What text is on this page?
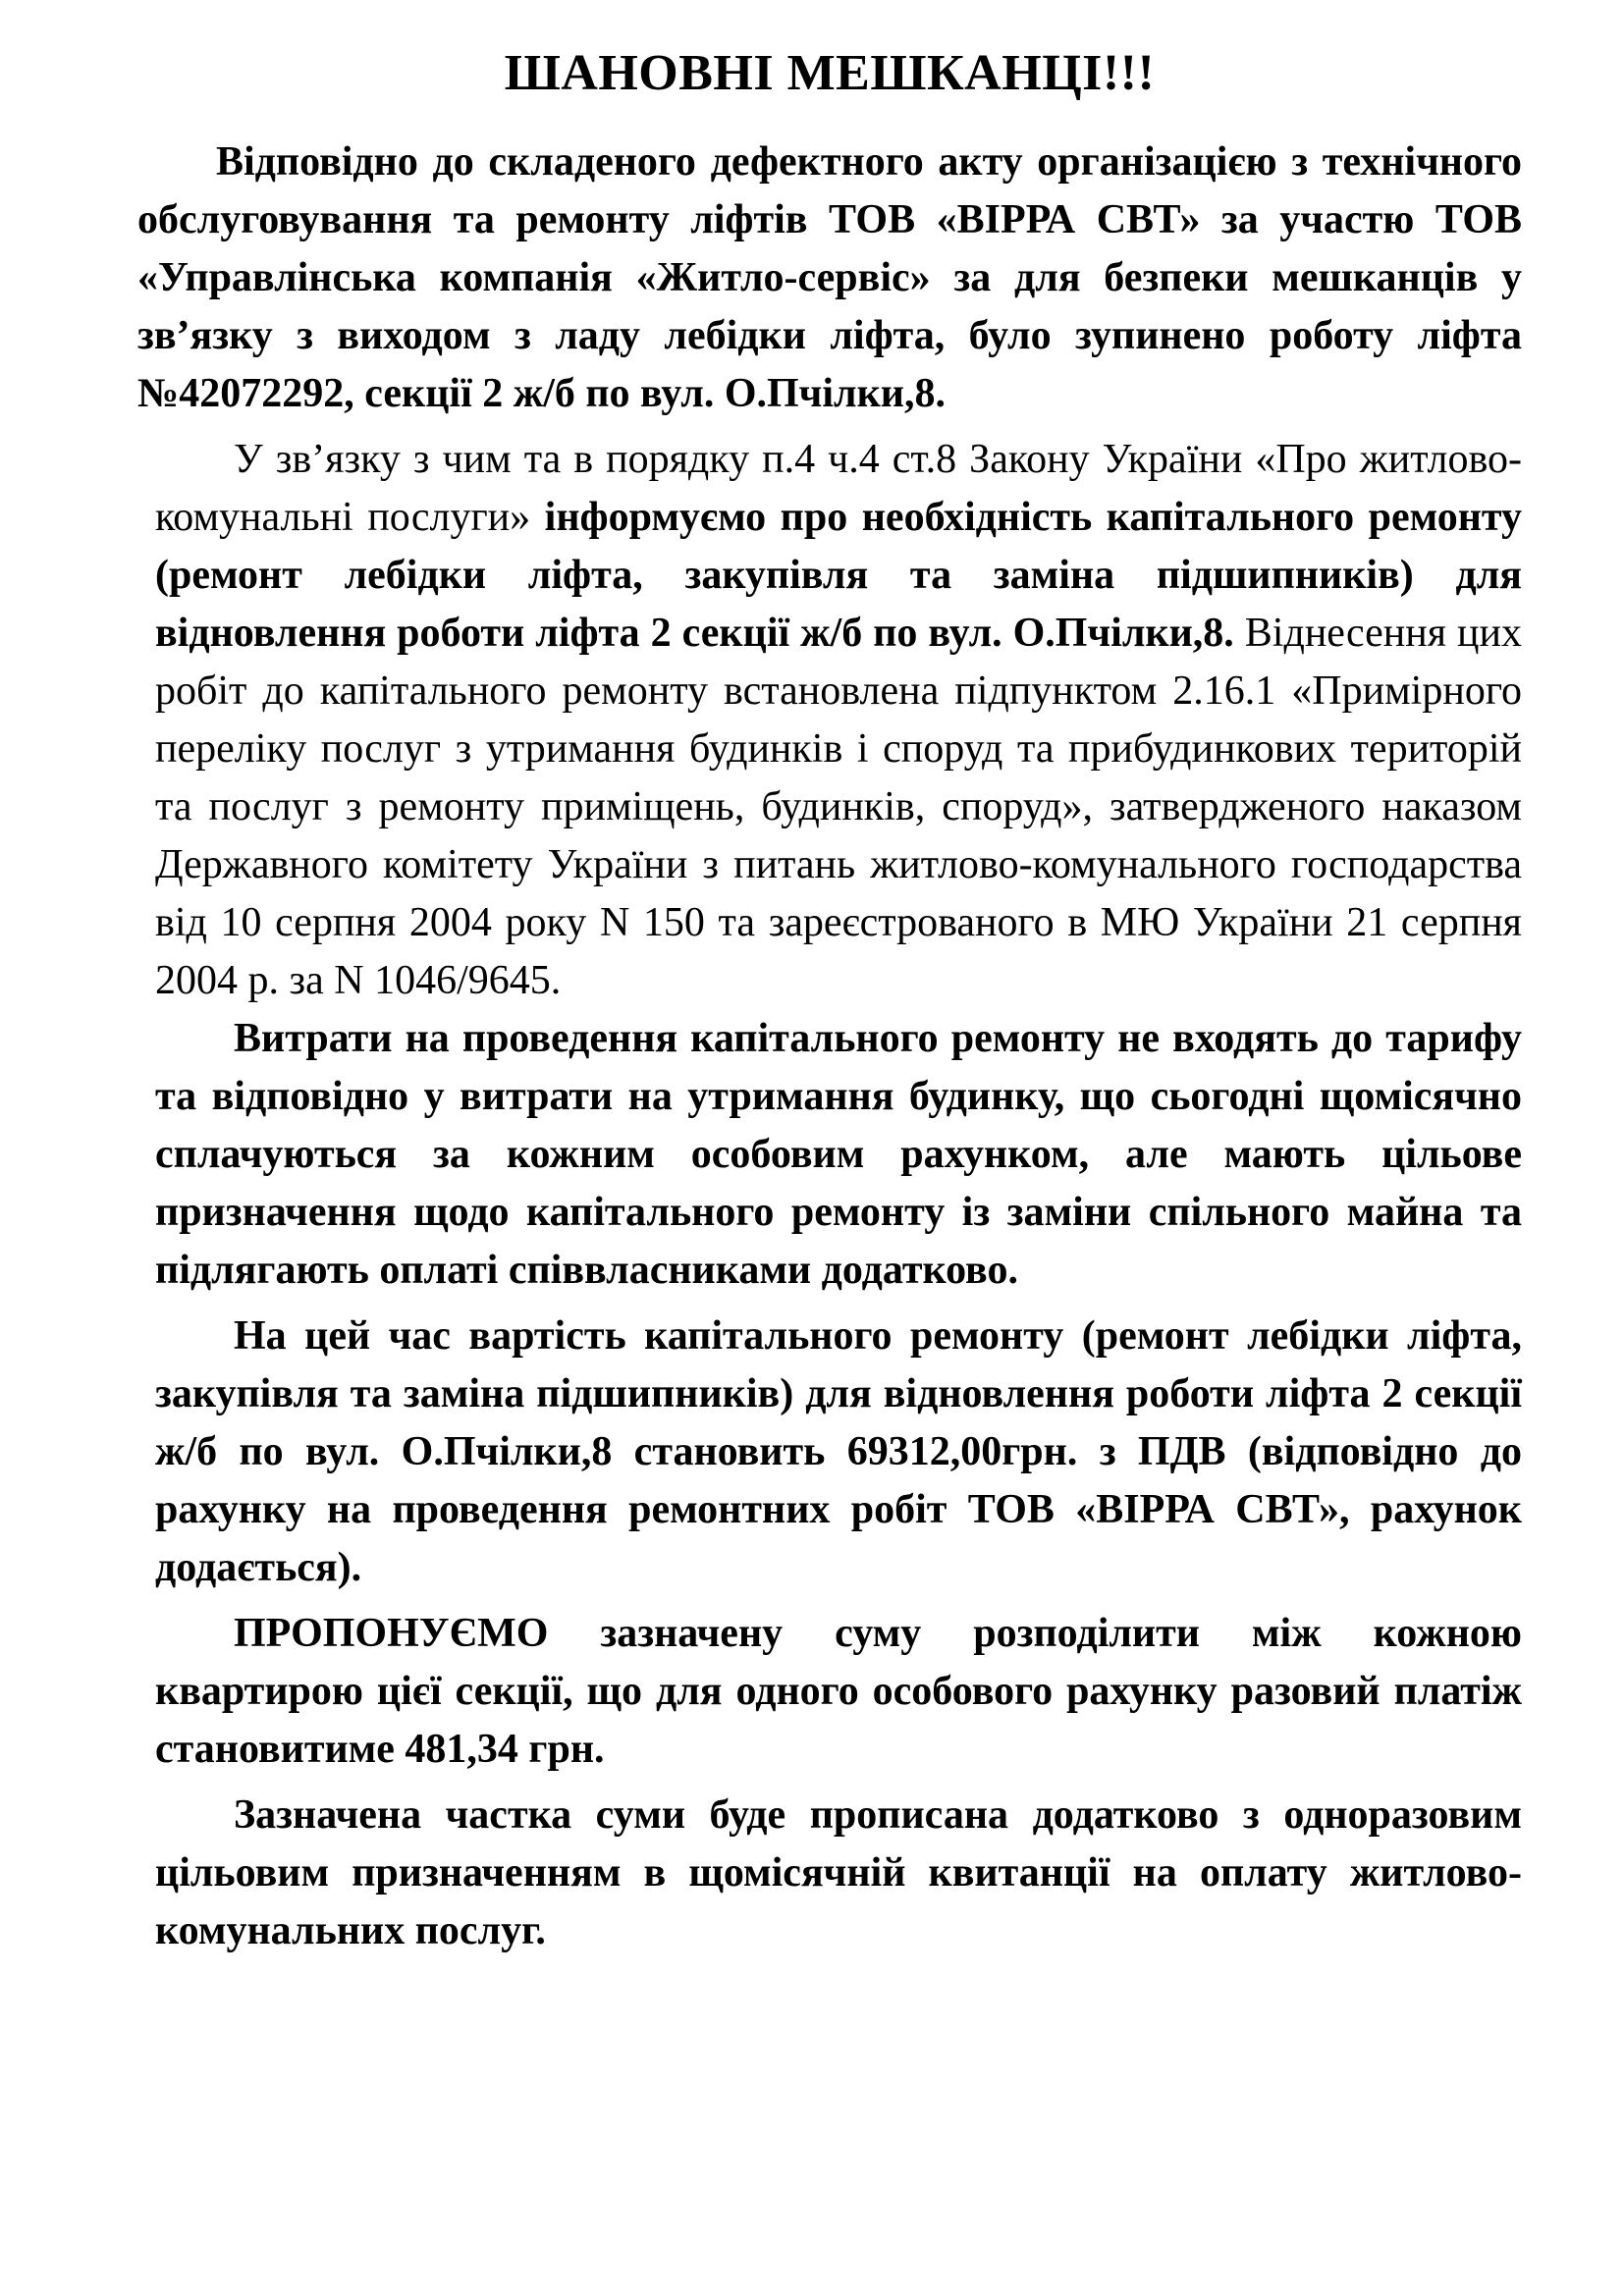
ШАНОВНІ МЕШКАНЦІ!!!

Відповідно до складеного дефектного акту організацією з технічного обслуговування та ремонту ліфтів ТОВ «ВІРРА СВТ» за участю ТОВ «Управлінська компанія «Житло-сервіс» за для безпеки мешканців у зв’язку з виходом з ладу лебідки ліфта, було зупинено роботу ліфта №42072292, секції 2 ж/б по вул. О.Пчілки,8.

У зв’язку з чим та в порядку п.4 ч.4 ст.8 Закону України «Про житлово-комунальні послуги» інформуємо про необхідність капітального ремонту (ремонт лебідки ліфта, закупівля та заміна підшипників) для відновлення роботи ліфта 2 секції ж/б по вул. О.Пчілки,8. Віднесення цих робіт до капітального ремонту встановлена підпунктом 2.16.1 «Примірного переліку послуг з утримання будинків і споруд та прибудинкових територій та послуг з ремонту приміщень, будинків, споруд», затвердженого наказом Державного комітету України з питань житлово-комунального господарства від 10 серпня 2004 року N 150 та зареєстрованого в МЮ України 21 серпня 2004 р. за N 1046/9645.

Витрати на проведення капітального ремонту не входять до тарифу та відповідно у витрати на утримання будинку, що сьогодні щомісячно сплачуються за кожним особовим рахунком, але мають цільове призначення щодо капітального ремонту із заміни спільного майна та підлягають оплаті співвласниками додатково.

На цей час вартість капітального ремонту (ремонт лебідки ліфта, закупівля та заміна підшипників) для відновлення роботи ліфта 2 секції ж/б по вул. О.Пчілки,8 становить 69312,00грн. з ПДВ (відповідно до рахунку на проведення ремонтних робіт ТОВ «ВІРРА СВТ», рахунок додається).

ПРОПОНУЄМО зазначену суму розподілити між кожною квартирою цієї секції, що для одного особового рахунку разовий платіж становитиме 481,34 грн.

Зазначена частка суми буде прописана додатково з одноразовим цільовим призначенням в щомісячній квитанції на оплату житлово-комунальних послуг.
